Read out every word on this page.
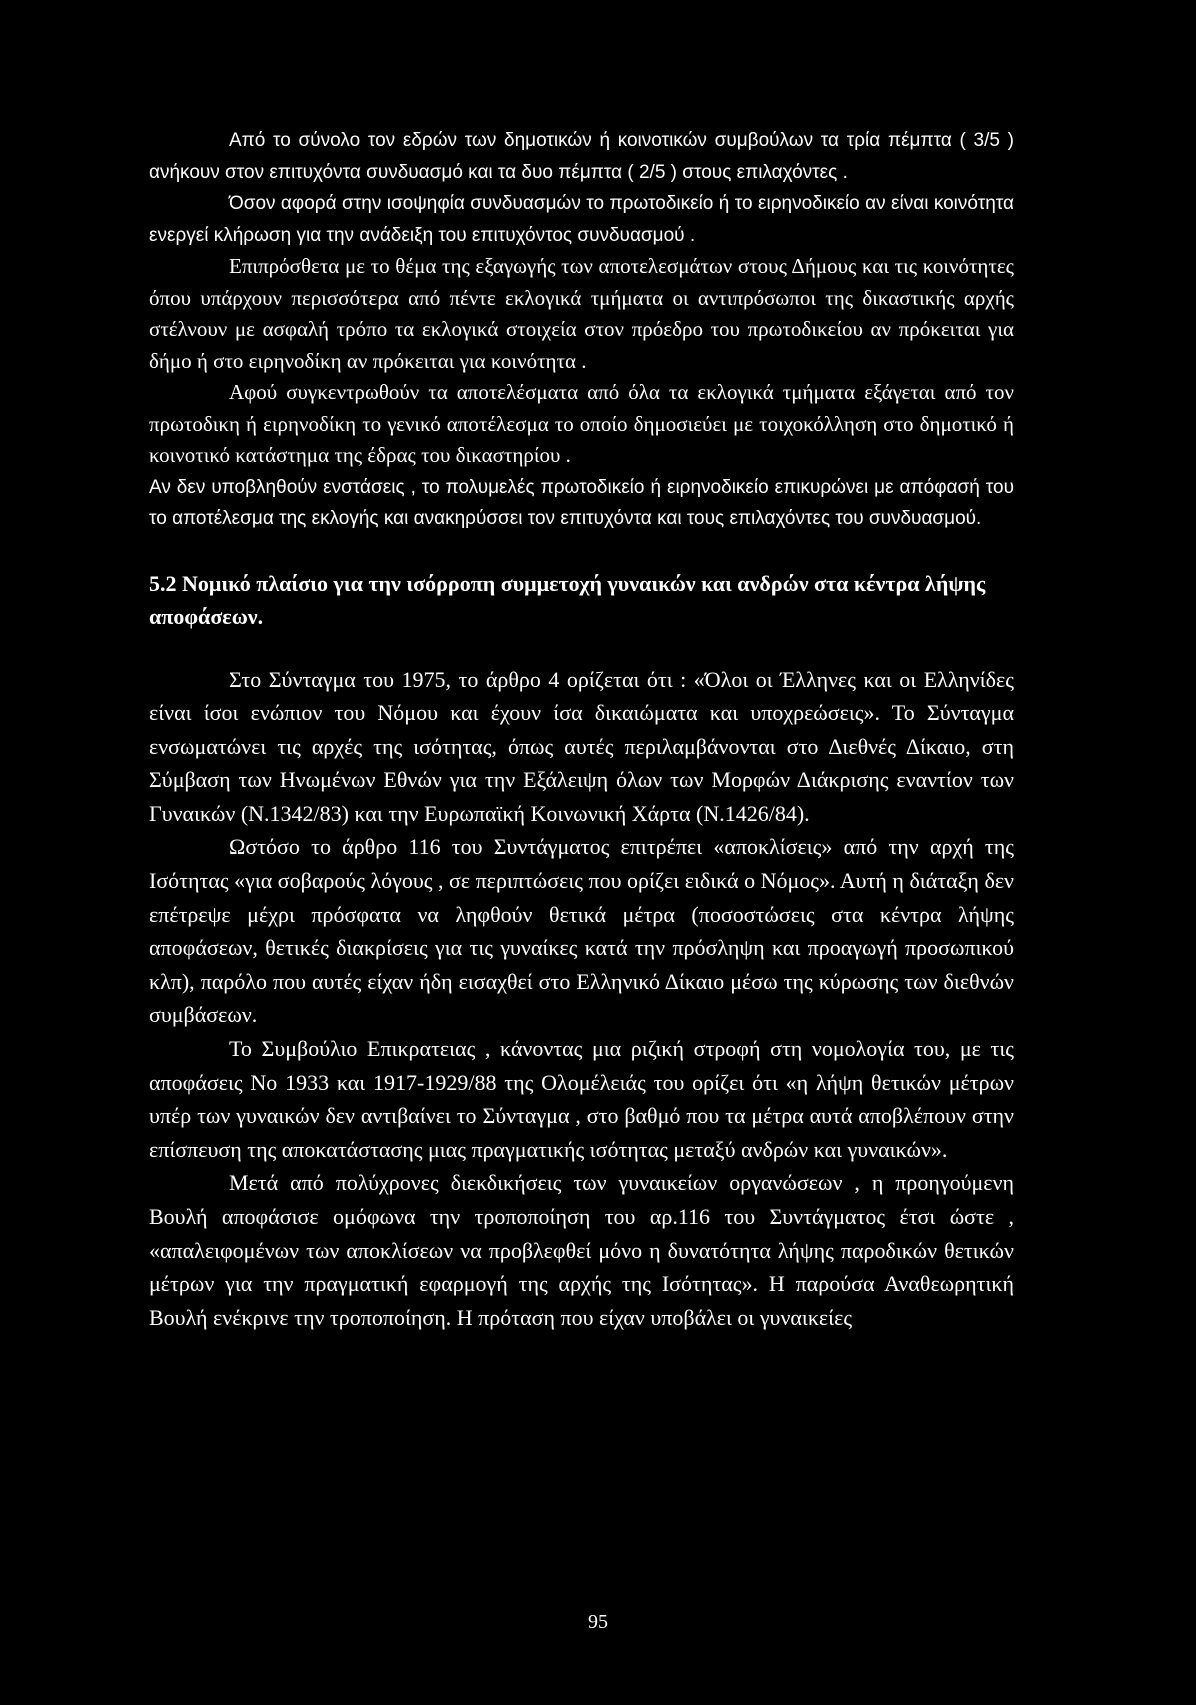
Από το σύνολο τον εδρών των δημοτικών ή κοινοτικών συμβούλων τα τρία πέμπτα ( 3/5 ) ανήκουν στον επιτυχόντα συνδυασμό και τα δυο πέμπτα ( 2/5 ) στους επιλαχόντες .

Όσον αφορά στην ισοψηφία συνδυασμών το πρωτοδικείο ή το ειρηνοδικείο αν είναι κοινότητα ενεργεί κλήρωση για την ανάδειξη του επιτυχόντος συνδυασμού .

Επιπρόσθετα με το θέμα της εξαγωγής των αποτελεσμάτων στους Δήμους και τις κοινότητες όπου υπάρχουν περισσότερα από πέντε εκλογικά τμήματα οι αντιπρόσωποι της δικαστικής αρχής στέλνουν με ασφαλή τρόπο τα εκλογικά στοιχεία στον πρόεδρο του πρωτοδικείου αν πρόκειται για δήμο ή στο ειρηνοδίκη αν πρόκειται για κοινότητα .

Αφού συγκεντρωθούν τα αποτελέσματα από όλα τα εκλογικά τμήματα εξάγεται από τον πρωτοδικη ή ειρηνοδίκη το γενικό αποτέλεσμα το οποίο δημοσιεύει με τοιχοκόλληση στο δημοτικό ή κοινοτικό κατάστημα της έδρας του δικαστηρίου .

Αν δεν υποβληθούν ενστάσεις , το πολυμελές πρωτοδικείο ή ειρηνοδικείο επικυρώνει με απόφασή του το αποτέλεσμα της εκλογής και ανακηρύσσει τον επιτυχόντα και τους επιλαχόντες του συνδυασμού.

5.2 Νομικό πλαίσιο για την ισόρροπη συμμετοχή γυναικών και ανδρών στα κέντρα λήψης αποφάσεων.

Στο Σύνταγμα του 1975, το άρθρο 4 ορίζεται ότι : «Όλοι οι Έλληνες και οι Ελληνίδες είναι ίσοι ενώπιον του Νόμου και έχουν ίσα δικαιώματα και υποχρεώσεις». Το Σύνταγμα ενσωματώνει τις αρχές της ισότητας, όπως αυτές περιλαμβάνονται στο Διεθνές Δίκαιο, στη Σύμβαση των Ηνωμένων Εθνών για την Εξάλειψη όλων των Μορφών Διάκρισης εναντίον των Γυναικών (Ν.1342/83) και την Ευρωπαϊκή Κοινωνική Χάρτα (Ν.1426/84).

Ωστόσο το άρθρο 116 του Συντάγματος επιτρέπει «αποκλίσεις» από την αρχή της Ισότητας «για σοβαρούς λόγους , σε περιπτώσεις που ορίζει ειδικά ο Νόμος». Αυτή η διάταξη δεν επέτρεψε μέχρι πρόσφατα να ληφθούν θετικά μέτρα (ποσοστώσεις στα κέντρα λήψης αποφάσεων, θετικές διακρίσεις για τις γυναίκες κατά την πρόσληψη και προαγωγή προσωπικού κλπ), παρόλο που αυτές είχαν ήδη εισαχθεί στο Ελληνικό Δίκαιο μέσω της κύρωσης των διεθνών συμβάσεων.

Το Συμβούλιο Επικρατειας , κάνοντας μια ριζική στροφή στη νομολογία του, με τις αποφάσεις Νο 1933 και 1917-1929/88 της Ολομέλειάς του ορίζει ότι «η λήψη θετικών μέτρων υπέρ των γυναικών δεν αντιβαίνει το Σύνταγμα , στο βαθμό που τα μέτρα αυτά αποβλέπουν στην επίσπευση της αποκατάστασης μιας πραγματικής ισότητας μεταξύ ανδρών και γυναικών».

Μετά από πολύχρονες διεκδικήσεις των γυναικείων οργανώσεων , η προηγούμενη Βουλή αποφάσισε ομόφωνα την τροποποίηση του αρ.116 του Συντάγματος έτσι ώστε , «απαλειφομένων των αποκλίσεων να προβλεφθεί μόνο η δυνατότητα λήψης παροδικών θετικών μέτρων για την πραγματική εφαρμογή της αρχής της Ισότητας». Η παρούσα Αναθεωρητική Βουλή ενέκρινε την τροποποίηση. Η πρόταση που είχαν υποβάλει οι γυναικείες

95
